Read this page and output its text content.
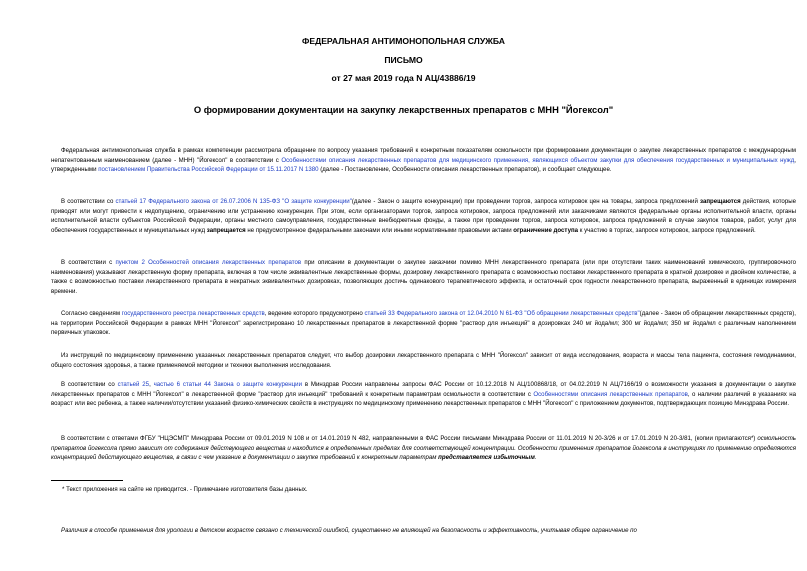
ФЕДЕРАЛЬНАЯ АНТИМОНОПОЛЬНАЯ СЛУЖБА
ПИСЬМО
от 27 мая 2019 года N АЦ/43886/19
О формировании документации на закупку лекарственных препаратов с МНН "Йогексол"
Федеральная антимонопольная служба в рамках компетенции рассмотрела обращение по вопросу указания требований к конкретным показателям осмольности при формировании документации о закупке лекарственных препаратов с международным непатентованным наименованием (далее - МНН) "Йогексол" в соответствии с Особенностями описания лекарственных препаратов для медицинского применения, являющихся объектом закупки для обеспечения государственных и муниципальных нужд, утвержденными постановлением Правительства Российской Федерации от 15.11.2017 N 1380 (далее - Постановление, Особенности описания лекарственных препаратов), и сообщает следующее.
В соответствии со статьей 17 Федерального закона от 26.07.2006 N 135-ФЗ "О защите конкуренции"(далее - Закон о защите конкуренции) при проведении торгов, запроса котировок цен на товары, запроса предложений запрещаются действия, которые приводят или могут привести к недопущению, ограничению или устранению конкуренции. При этом, если организаторами торгов, запроса котировок, запроса предложений или заказчиками являются федеральные органы исполнительной власти, органы исполнительной власти субъектов Российской Федерации, органы местного самоуправления, государственные внебюджетные фонды, а также при проведении торгов, запроса котировок, запроса предложений в случае закупок товаров, работ, услуг для обеспечения государственных и муниципальных нужд запрещается не предусмотренное федеральными законами или иными нормативными правовыми актами ограничение доступа к участию в торгах, запросе котировок, запросе предложений.
В соответствии с пунктом 2 Особенностей описания лекарственных препаратов при описании в документации о закупке заказчики помимо МНН лекарственного препарата (или при отсутствии таких наименований химического, группировочного наименования) указывают лекарственную форму препарата, включая в том числе эквивалентные лекарственные формы, дозировку лекарственного препарата с возможностью поставки лекарственного препарата в кратной дозировке и двойном количестве, а также с возможностью поставки лекарственного препарата в некратных эквивалентных дозировках, позволяющих достичь одинакового терапевтического эффекта, и остаточный срок годности лекарственного препарата, выраженный в единицах измерения времени.
Согласно сведениям государственного реестра лекарственных средств, ведение которого предусмотрено статьей 33 Федерального закона от 12.04.2010 N 61-ФЗ "Об обращении лекарственных средств"(далее - Закон об обращении лекарственных средств), на территории Российской Федерации в рамках МНН "Йогексол" зарегистрировано 10 лекарственных препаратов в лекарственной форме "раствор для инъекций" в дозировках 240 мг йода/мл; 300 мг йода/мл; 350 мг йода/мл с различным наполнением первичных упаковок.
Из инструкций по медицинскому применению указанных лекарственных препаратов следует, что выбор дозировки лекарственного препарата с МНН "Йогексол" зависит от вида исследования, возраста и массы тела пациента, состояния гемодинамики, общего состояния здоровья, а также применяемой методики и техники выполнения исследования.
В соответствии со статьей 25, частью 6 статьи 44 Закона о защите конкуренции в Минздрав России направлены запросы ФАС России от 10.12.2018 N АЦ/100868/18, от 04.02.2019 N АЦ/7166/19 о возможности указания в документации о закупке лекарственных препаратов с МНН "Йогексол" в лекарственной форме "раствор для инъекций" требований к конкретным параметрам осмольности в соответствии с Особенностями описания лекарственных препаратов, о наличии различий в указаниях на возраст или вес ребенка, а также наличии/отсутствии указаний физико-химических свойств в инструкциях по медицинскому применению лекарственных препаратов с МНН "Йогексол" с приложением документов, подтверждающих позицию Минздрава России.
В соответствии с ответами ФГБУ "НЦЭСМП" Минздрава России от 09.01.2019 N 108 и от 14.01.2019 N 482, направленными в ФАС России письмами Минздрава России от 11.01.2019 N 20-3/26 и от 17.01.2019 N 20-3/81, (копии прилагаются*) осмольность препаратов йогексола прямо зависит от содержания действующего вещества и находится в определенных пределах для соответствующей концентрации. Особенности применения препаратов йогексола в инструкциях по применению определяются концентрацией действующего вещества, в связи с чем указание в документации о закупке требований к конкретным параметрам представляется избыточным.
* Текст приложения на сайте не приводится. - Примечание изготовителя базы данных.
Различия в способе применения для урологии в детском возрасте связано с технической ошибкой, существенно не влияющей на безопасность и эффективность, учитывая общее ограничение по
